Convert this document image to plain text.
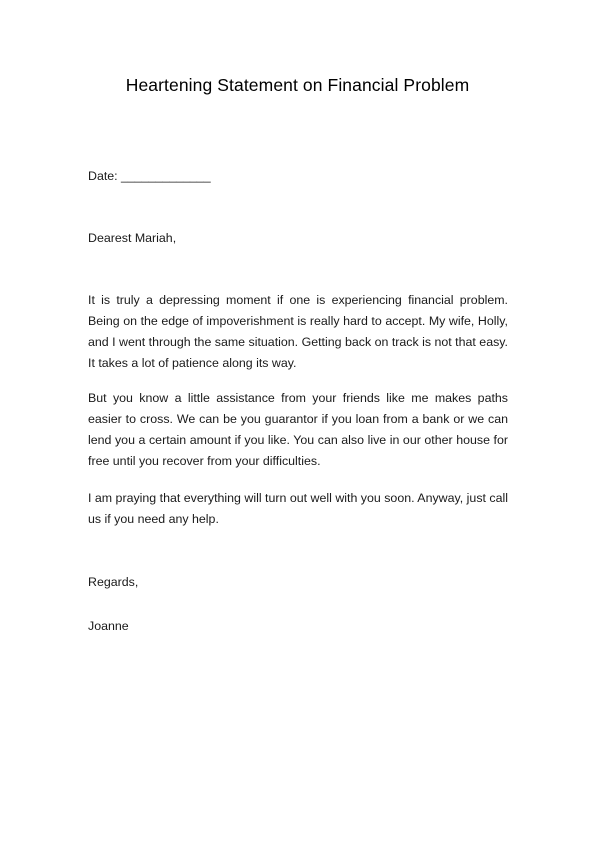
Heartening Statement on Financial Problem
Date: _____________
Dearest Mariah,
It is truly a depressing moment if one is experiencing financial problem. Being on the edge of impoverishment is really hard to accept. My wife, Holly, and I went through the same situation. Getting back on track is not that easy. It takes a lot of patience along its way.
But you know a little assistance from your friends like me makes paths easier to cross. We can be you guarantor if you loan from a bank or we can lend you a certain amount if you like. You can also live in our other house for free until you recover from your difficulties.
I am praying that everything will turn out well with you soon. Anyway, just call us if you need any help.
Regards,
Joanne
